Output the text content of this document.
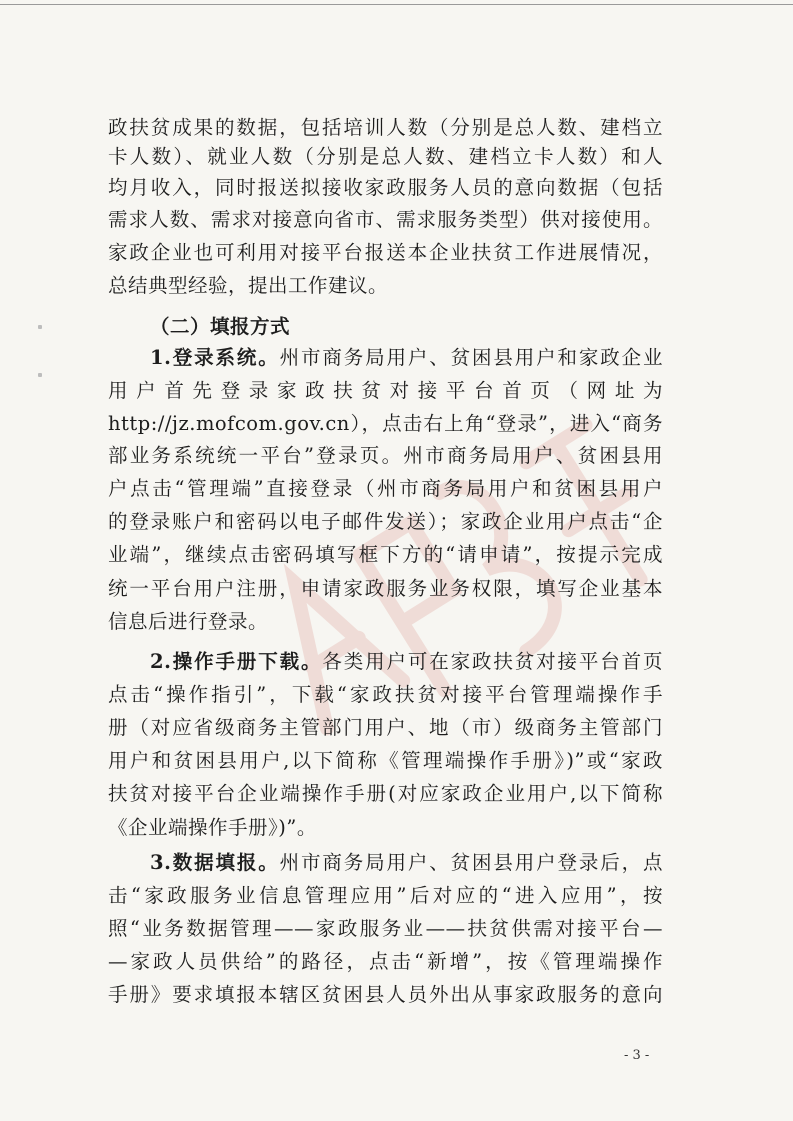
政扶贫成果的数据，包括培训人数（分别是总人数、建档立
卡人数）、就业人数（分别是总人数、建档立卡人数）和人
均月收入，同时报送拟接收家政服务人员的意向数据（包括
需求人数、需求对接意向省市、需求服务类型）供对接使用。
家政企业也可利用对接平台报送本企业扶贫工作进展情况，
总结典型经验，提出工作建议。
（二）填报方式
1.登录系统。州市商务局用户、贫困县用户和家政企业
用户首先登录家政扶贫对接平台首页（网址为
http://jz.mofcom.gov.cn），点击右上角“登录”，进入“商务
部业务系统统一平台”登录页。州市商务局用户、贫困县用
户点击“管理端”直接登录（州市商务局用户和贫困县用户
的登录账户和密码以电子邮件发送）；家政企业用户点击“企
业端”，继续点击密码填写框下方的“请申请”，按提示完成
统一平台用户注册，申请家政服务业务权限，填写企业基本
信息后进行登录。
2.操作手册下载。各类用户可在家政扶贫对接平台首页
点击“操作指引”，下载“家政扶贫对接平台管理端操作手
册（对应省级商务主管部门用户、地（市）级商务主管部门
用户和贫困县用户,以下简称《管理端操作手册》)”或“家政
扶贫对接平台企业端操作手册(对应家政企业用户,以下简称
《企业端操作手册》)”。
3.数据填报。州市商务局用户、贫困县用户登录后，点
击“家政服务业信息管理应用”后对应的“进入应用”，按
照“业务数据管理——家政服务业——扶贫供需对接平台—
—家政人员供给”的路径，点击“新增”，按《管理端操作
手册》要求填报本辖区贫困县人员外出从事家政服务的意向
- 3 -
